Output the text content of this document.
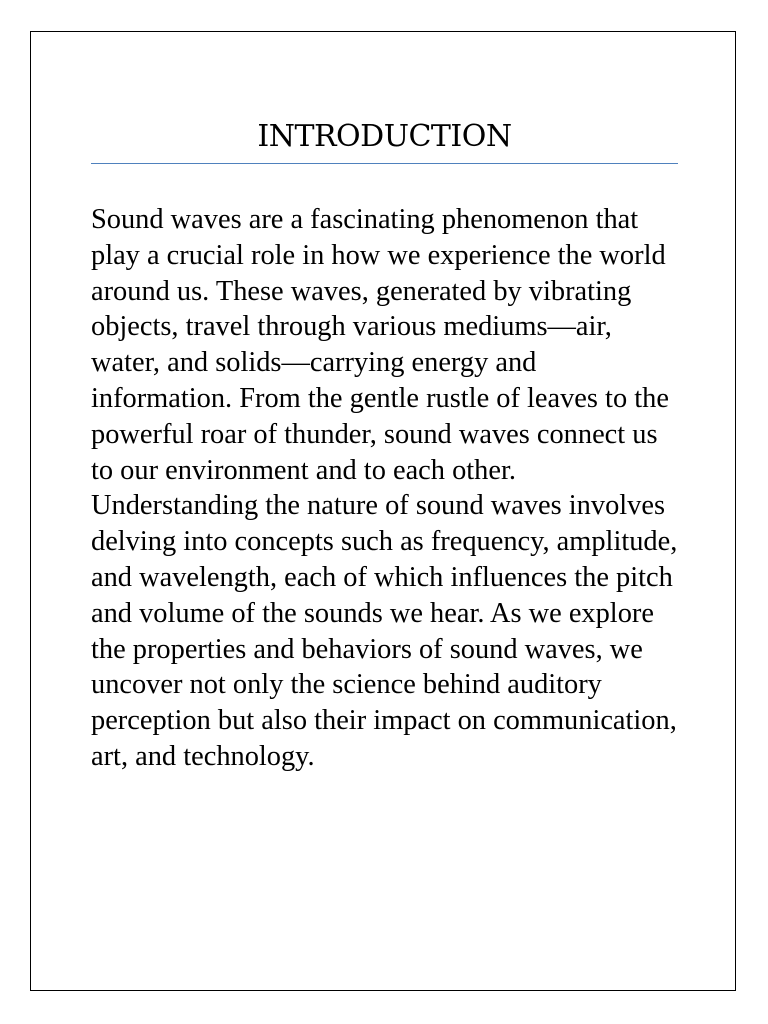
INTRODUCTION

Sound waves are a fascinating phenomenon that play a crucial role in how we experience the world around us. These waves, generated by vibrating objects, travel through various mediums—air, water, and solids—carrying energy and information. From the gentle rustle of leaves to the powerful roar of thunder, sound waves connect us to our environment and to each other. Understanding the nature of sound waves involves delving into concepts such as frequency, amplitude, and wavelength, each of which influences the pitch and volume of the sounds we hear. As we explore the properties and behaviors of sound waves, we uncover not only the science behind auditory perception but also their impact on communication, art, and technology.
